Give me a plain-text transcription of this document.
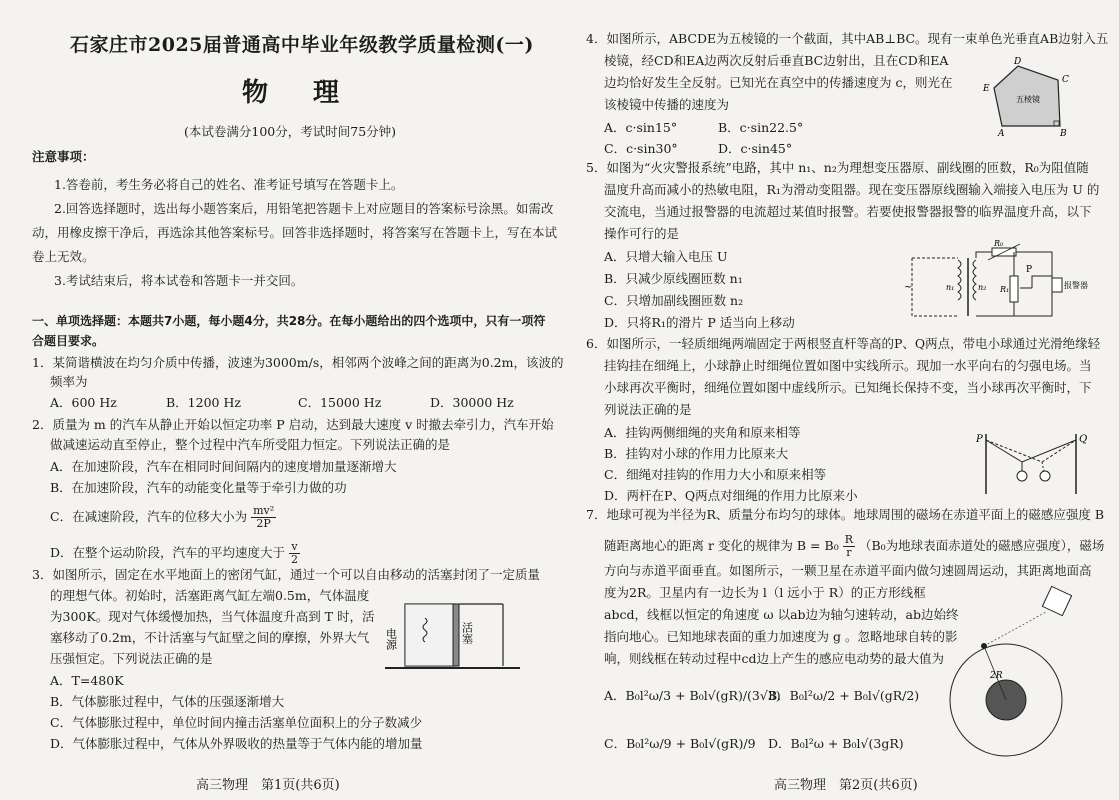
石家庄市2025届普通高中毕业年级教学质量检测(一)
物 理
(本试卷满分100分，考试时间75分钟)
注意事项：
1.答卷前，考生务必将自己的姓名、准考证号填写在答题卡上。
2.回答选择题时，选出每小题答案后，用铅笔把答题卡上对应题目的答案标号涂黑。如需改
动，用橡皮擦干净后，再选涂其他答案标号。回答非选择题时，将答案写在答题卡上，写在本试
卷上无效。
3.考试结束后，将本试卷和答题卡一并交回。
一、单项选择题：本题共7小题，每小题4分，共28分。在每小题给出的四个选项中，只有一项符
合题目要求。
1．某简谐横波在均匀介质中传播，波速为3000m/s，相邻两个波峰之间的距离为0.2m，该波的
频率为
A．600 Hz	B．1200 Hz	C．15000 Hz	D．30000 Hz
2．质量为 m 的汽车从静止开始以恒定功率 P 启动，达到最大速度 v 时撤去牵引力，汽车开始
做减速运动直至停止，整个过程中汽车所受阻力恒定。下列说法正确的是
A．在加速阶段，汽车在相同时间间隔内的速度增加量逐渐增大
B．在加速阶段，汽车的动能变化量等于牵引力做的功
C．在减速阶段，汽车的位移大小为 $\frac{\text{mv²}}{2P}$
D．在整个运动阶段，汽车的平均速度大于 $\frac{v}{2}$
3．如图所示，固定在水平地面上的密闭气缸，通过一个可以自由移动的活塞封闭了一定质量
的理想气体。初始时，活塞距离气缸左端0.5m，气体温度
为300K。现对气体缓慢加热，当气体温度升高到 T 时，活
塞移动了0.2m，不计活塞与气缸壁之间的摩擦，外界大气
压强恒定。下列说法正确的是
A．T=480K
B．气体膨胀过程中，气体的压强逐渐增大
C．气体膨胀过程中，单位时间内撞击活塞单位面积上的分子数减少
D．气体膨胀过程中，气体从外界吸收的热量等于气体内能的增加量
电源	活塞
高三物理　第1页(共6页)
4．如图所示，ABCDE为五棱镜的一个截面，其中AB⊥BC。现有一束单色光垂直AB边射入五
棱镜，经CD和EA边两次反射后垂直BC边射出，且在CD和EA
边均恰好发生全反射。已知光在真空中的传播速度为 c，则光在
该棱镜中传播的速度为
A．c·sin15°	B．c·sin22.5°
C．c·sin30°	D．c·sin45°
D
E
C
A	B
五棱镜
5．如图为“火灾警报系统”电路，其中 n₁、n₂为理想变压器原、副线圈的匝数，R₀为阻值随
温度升高而减小的热敏电阻，R₁为滑动变阻器。现在变压器原线圈输入端接入电压为 U 的
交流电，当通过报警器的电流超过某值时报警。若要使报警器报警的临界温度升高，以下
操作可行的是
A．只增大输入电压 U
B．只减少原线圈匝数 n₁
C．只增加副线圈匝数 n₂
D．只将R₁的滑片 P 适当向上移动
~
R₀
n₁	n₂ R₁
P
报警器
6．如图所示，一轻质细绳两端固定于两根竖直杆等高的P、Q两点，带电小球通过光滑绝缘轻
挂钩挂在细绳上，小球静止时细绳位置如图中实线所示。现加一水平向右的匀强电场。当
小球再次平衡时，细绳位置如图中虚线所示。已知绳长保持不变，当小球再次平衡时，下
列说法正确的是
A．挂钩两侧细绳的夹角和原来相等
B．挂钩对小球的作用力比原来大
C．细绳对挂钩的作用力大小和原来相等
D．两杆在P、Q两点对细绳的作用力比原来小
P	Q
7．地球可视为半径为R、质量分布均匀的球体。地球周围的磁场在赤道平面上的磁感应强度 B
随距离地心的距离 r 变化的规律为 $B = B_0 \frac{R}{r} (B_0$为地球表面赤道处的磁感应强度），磁场
方向与赤道平面垂直。如图所示，一颗卫星在赤道平面内做匀速圆周运动，其距离地面高
度为2R。卫星内有一边长为 l（l 远小于 R）的正方形线框
abcd，线框以恒定的角速度 ω 以ab边为轴匀速转动，ab边始终
指向地心。已知地球表面的重力加速度为 g 。忽略地球自转的影
响，则线框在转动过程中cd边上产生的感应电动势的最大值为
A．B₀l²ω/3 + B₀l√(gR)/(3√3)
B．B₀l²ω/2 + B₀l√(gR/2)
C．B₀l²ω/9 + B₀l√(gR)/9 D．B₀l²ω + B₀l√(3gR)
2R
高三物理　第2页(共6页)
